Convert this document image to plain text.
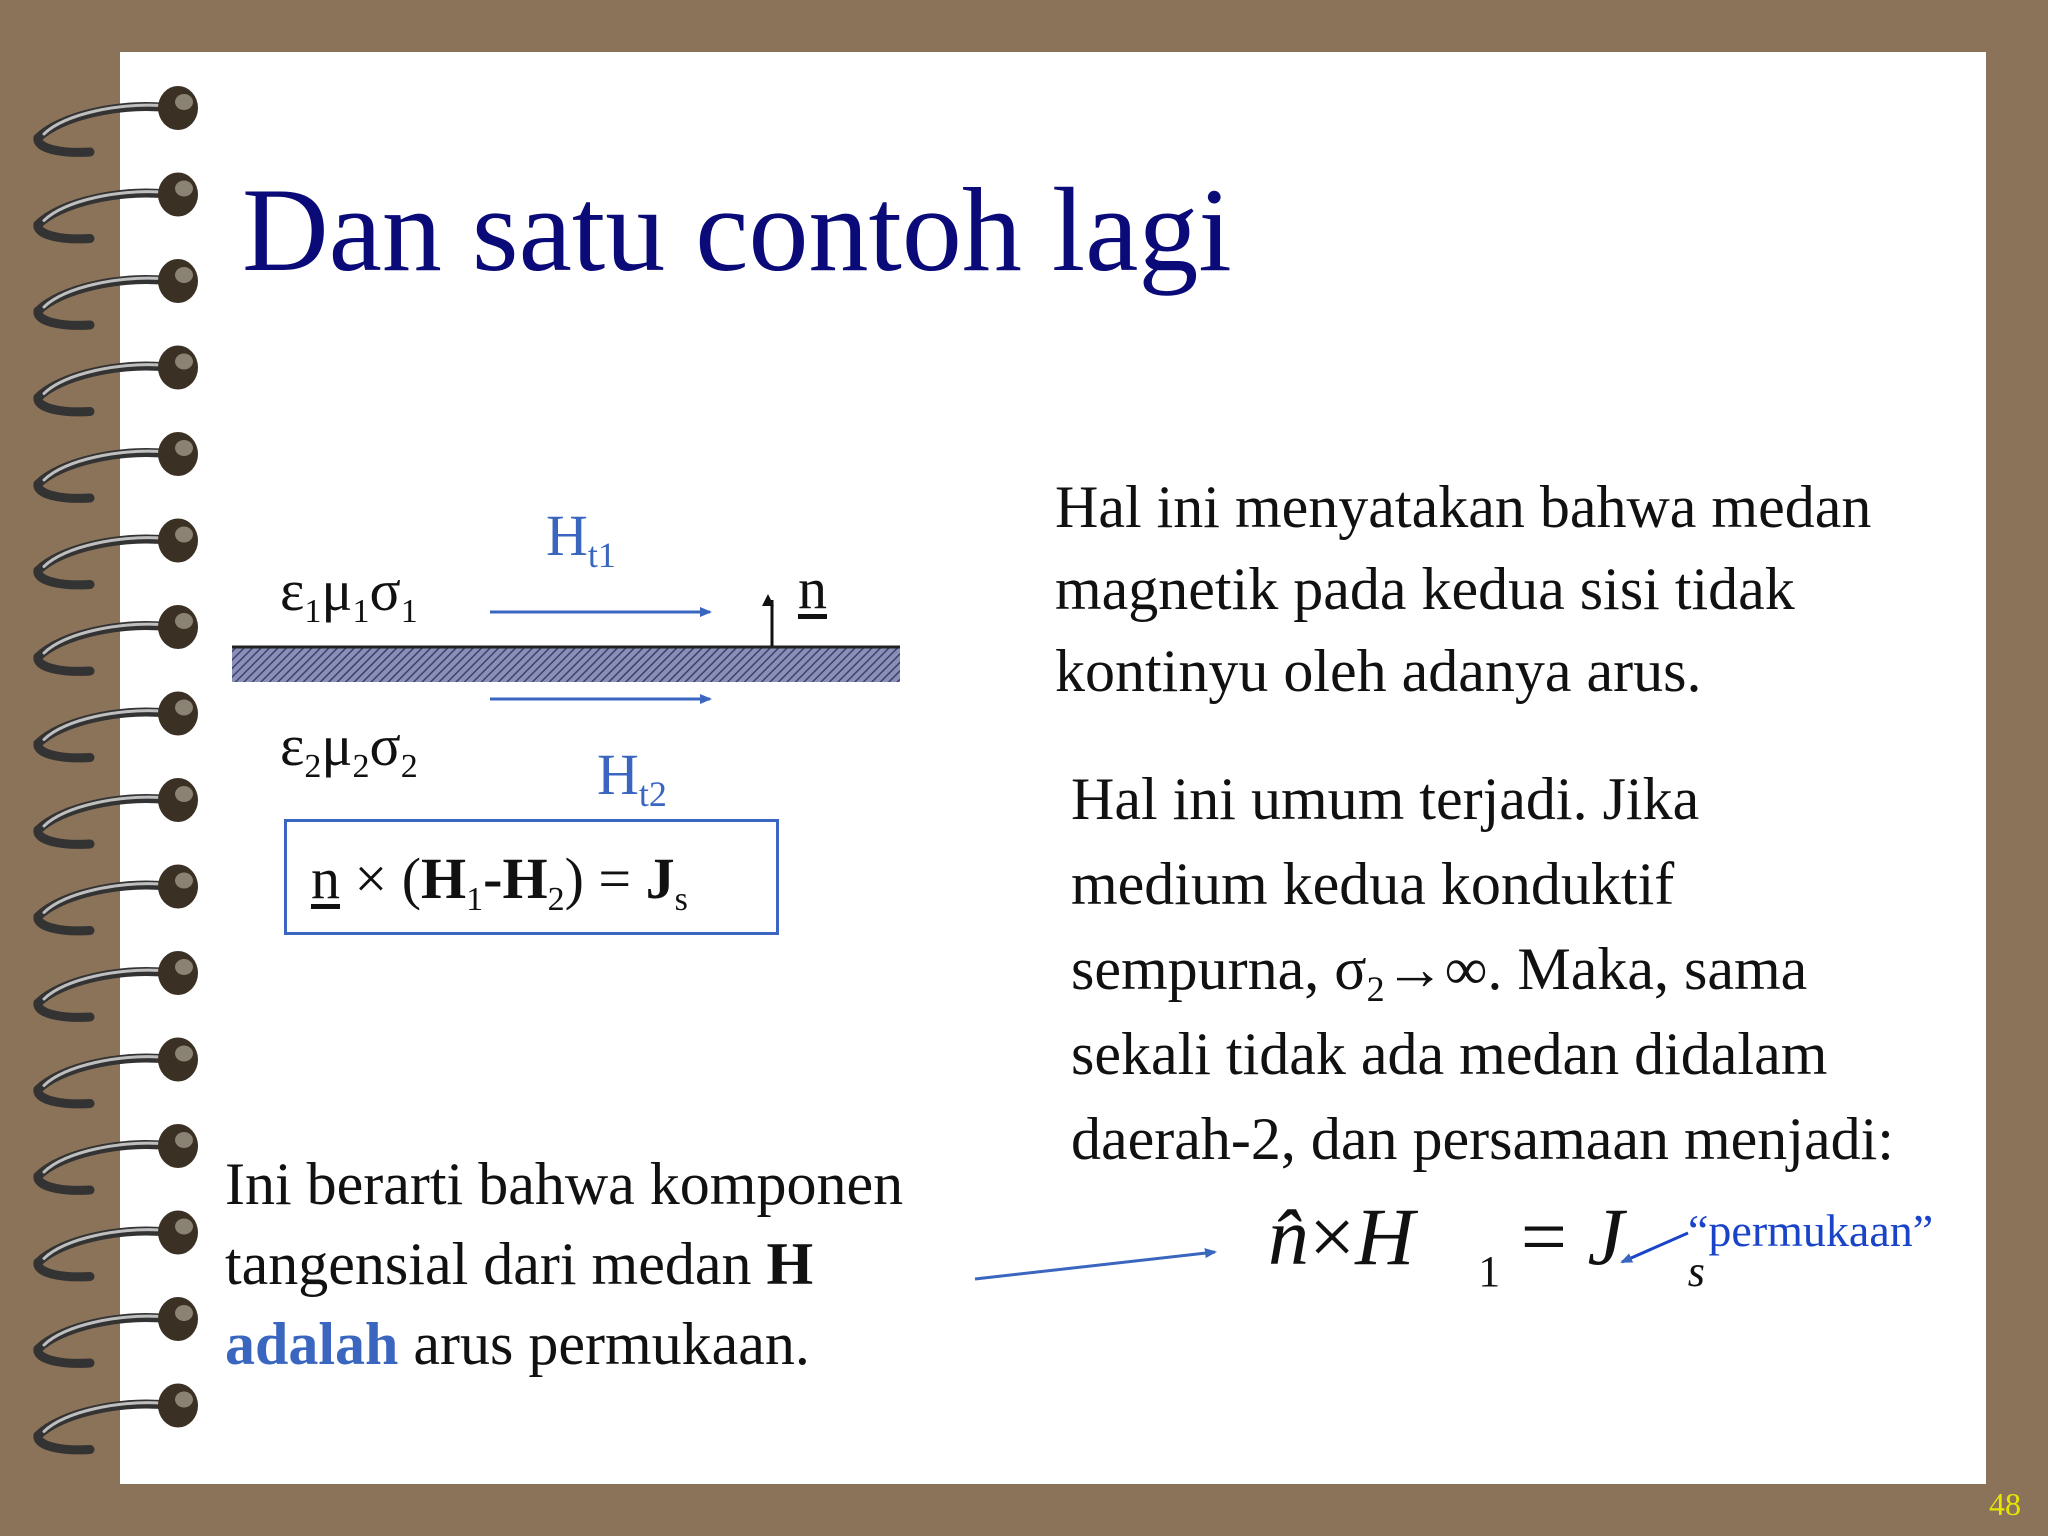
Dan satu contoh lagi
$\varepsilon_1\mu_1\sigma_1$
$\varepsilon_2\mu_2\sigma_2$
$H_{t1}$
$H_{t2}$
n
$n \times (H_1-H_2) = J_s$
Hal ini menyatakan bahwa medan
magnetik pada kedua sisi tidak
kontinyu oleh adanya arus.
Hal ini umum terjadi. Jika
medium kedua konduktif
sempurna, $\sigma_2\to\infty$. Maka, sama
sekali tidak ada medan didalam
daerah-2, dan persamaan menjadi:
Ini berarti bahwa komponen
tangensial dari medan H
adalah arus permukaan.
$n̂\times H⃗_1$ = $J⃗_s$
“permukaan”
48
